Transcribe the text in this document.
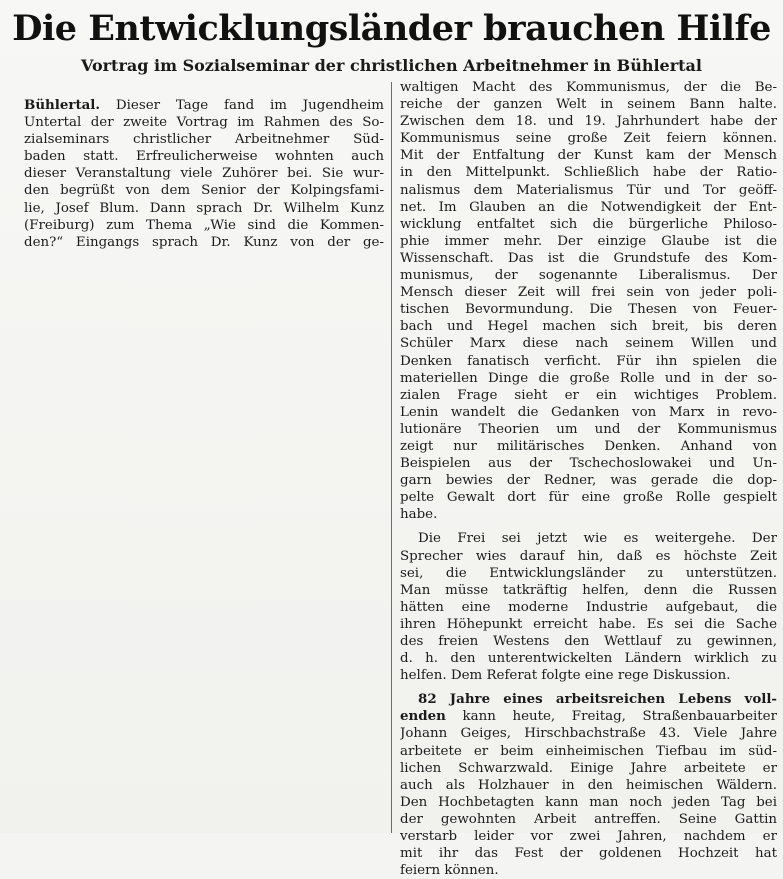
Die Entwicklungsländer brauchen Hilfe
Vortrag im Sozialseminar der christlichen Arbeitnehmer in Bühlertal
Bühlertal. Dieser Tage fand im Jugendheim
Untertal der zweite Vortrag im Rahmen des So-
zialseminars christlicher Arbeitnehmer Süd-
baden statt. Erfreulicherweise wohnten auch
dieser Veranstaltung viele Zuhörer bei. Sie wur-
den begrüßt von dem Senior der Kolpingsfami-
lie, Josef Blum. Dann sprach Dr. Wilhelm Kunz
(Freiburg) zum Thema „Wie sind die Kommen-
den?“ Eingangs sprach Dr. Kunz von der ge-
waltigen Macht des Kommunismus, der die Be-
reiche der ganzen Welt in seinem Bann halte.
Zwischen dem 18. und 19. Jahrhundert habe der
Kommunismus seine große Zeit feiern können.
Mit der Entfaltung der Kunst kam der Mensch
in den Mittelpunkt. Schließlich habe der Ratio-
nalismus dem Materialismus Tür und Tor geöff-
net. Im Glauben an die Notwendigkeit der Ent-
wicklung entfaltet sich die bürgerliche Philoso-
phie immer mehr. Der einzige Glaube ist die
Wissenschaft. Das ist die Grundstufe des Kom-
munismus, der sogenannte Liberalismus. Der
Mensch dieser Zeit will frei sein von jeder poli-
tischen Bevormundung. Die Thesen von Feuer-
bach und Hegel machen sich breit, bis deren
Schüler Marx diese nach seinem Willen und
Denken fanatisch verficht. Für ihn spielen die
materiellen Dinge die große Rolle und in der so-
zialen Frage sieht er ein wichtiges Problem.
Lenin wandelt die Gedanken von Marx in revo-
lutionäre Theorien um und der Kommunismus
zeigt nur militärisches Denken. Anhand von
Beispielen aus der Tschechoslowakei und Un-
garn bewies der Redner, was gerade die dop-
pelte Gewalt dort für eine große Rolle gespielt
habe.
Die Frei sei jetzt wie es weitergehe. Der
Sprecher wies darauf hin, daß es höchste Zeit
sei, die Entwicklungsländer zu unterstützen.
Man müsse tatkräftig helfen, denn die Russen
hätten eine moderne Industrie aufgebaut, die
ihren Höhepunkt erreicht habe. Es sei die Sache
des freien Westens den Wettlauf zu gewinnen,
d. h. den unterentwickelten Ländern wirklich zu
helfen. Dem Referat folgte eine rege Diskussion.
82 Jahre eines arbeitsreichen Lebens voll-
enden kann heute, Freitag, Straßenbauarbeiter
Johann Geiges, Hirschbachstraße 43. Viele Jahre
arbeitete er beim einheimischen Tiefbau im süd-
lichen Schwarzwald. Einige Jahre arbeitete er
auch als Holzhauer in den heimischen Wäldern.
Den Hochbetagten kann man noch jeden Tag bei
der gewohnten Arbeit antreffen. Seine Gattin
verstarb leider vor zwei Jahren, nachdem er
mit ihr das Fest der goldenen Hochzeit hat
feiern können.
